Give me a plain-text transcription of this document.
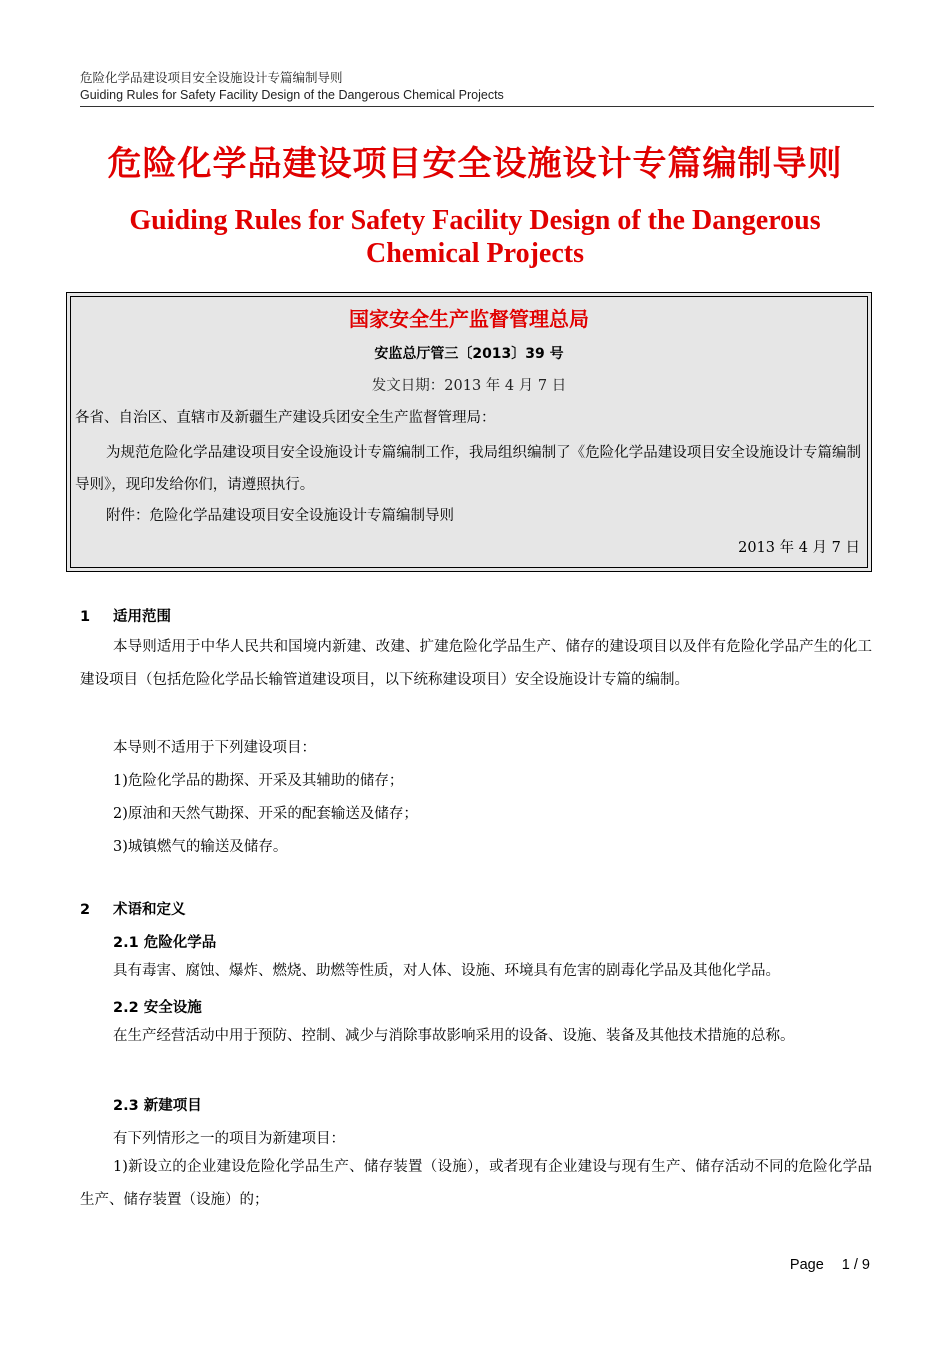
危险化学品建设项目安全设施设计专篇编制导则
Guiding Rules for Safety Facility Design of the Dangerous Chemical Projects
危险化学品建设项目安全设施设计专篇编制导则
Guiding Rules for Safety Facility Design of the Dangerous Chemical Projects
国家安全生产监督管理总局
安监总厅管三〔2013〕39 号
发文日期：2013 年 4 月 7 日
各省、自治区、直辖市及新疆生产建设兵团安全生产监督管理局：
为规范危险化学品建设项目安全设施设计专篇编制工作，我局组织编制了《危险化学品建设项目安全设施设计专篇编制导则》，现印发给你们，请遵照执行。
附件：危险化学品建设项目安全设施设计专篇编制导则
2013 年 4 月 7 日
1 适用范围
本导则适用于中华人民共和国境内新建、改建、扩建危险化学品生产、储存的建设项目以及伴有危险化学品产生的化工建设项目（包括危险化学品长输管道建设项目，以下统称建设项目）安全设施设计专篇的编制。
本导则不适用于下列建设项目：
1)危险化学品的勘探、开采及其辅助的储存；
2)原油和天然气勘探、开采的配套输送及储存；
3)城镇燃气的输送及储存。
2 术语和定义
2.1 危险化学品
具有毒害、腐蚀、爆炸、燃烧、助燃等性质，对人体、设施、环境具有危害的剧毒化学品及其他化学品。
2.2 安全设施
在生产经营活动中用于预防、控制、减少与消除事故影响采用的设备、设施、装备及其他技术措施的总称。
2.3 新建项目
有下列情形之一的项目为新建项目：
1)新设立的企业建设危险化学品生产、储存装置（设施），或者现有企业建设与现有生产、储存活动不同的危险化学品生产、储存装置（设施）的；
Page 1 / 9
